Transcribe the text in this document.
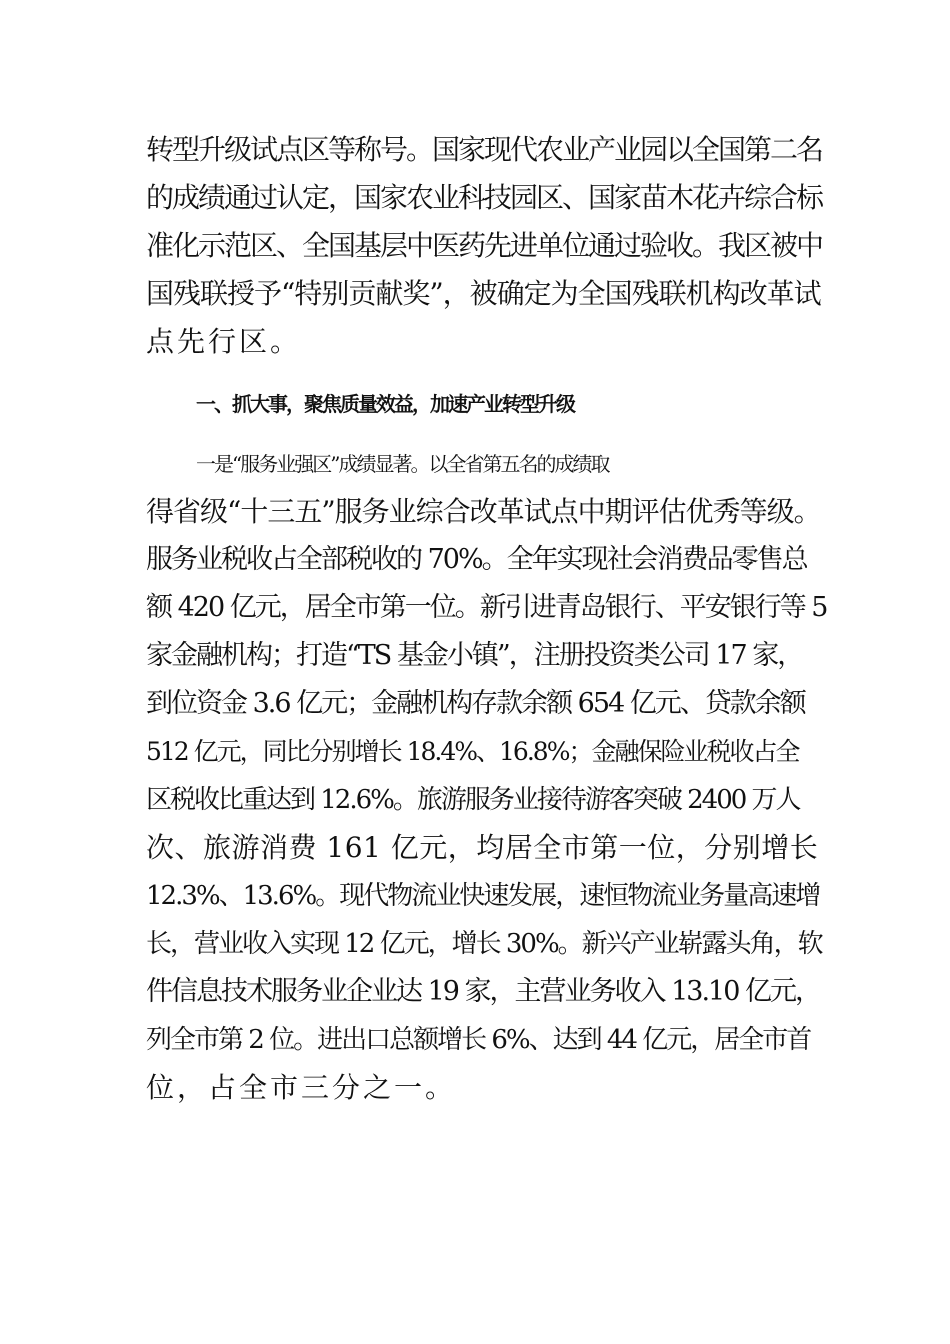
转型升级试点区等称号。国家现代农业产业园以全国第二名
的成绩通过认定，国家农业科技园区、国家苗木花卉综合标
准化示范区、全国基层中医药先进单位通过验收。我区被中
国残联授予“特别贡献奖”，被确定为全国残联机构改革试
点先行区。
一、抓大事，聚焦质量效益，加速产业转型升级
一是“服务业强区”成绩显著。以全省第五名的成绩取
得省级“十三五”服务业综合改革试点中期评估优秀等级。
服务业税收占全部税收的 70%。全年实现社会消费品零售总
额 420 亿元，居全市第一位。新引进青岛银行、平安银行等 5
家金融机构；打造“TS 基金小镇”，注册投资类公司 17 家，
到位资金 3.6 亿元；金融机构存款余额 654 亿元、贷款余额
512 亿元，同比分别增长 18.4%、16.8%；金融保险业税收占全
区税收比重达到 12.6%。旅游服务业接待游客突破 2400 万人
次、旅游消费 161 亿元，均居全市第一位，分别增长
12.3%、13.6%。现代物流业快速发展，速恒物流业务量高速增
长，营业收入实现 12 亿元，增长 30%。新兴产业崭露头角，软
件信息技术服务业企业达 19 家，主营业务收入 13.10 亿元，
列全市第 2 位。进出口总额增长 6%、达到 44 亿元，居全市首
位，占全市三分之一。
